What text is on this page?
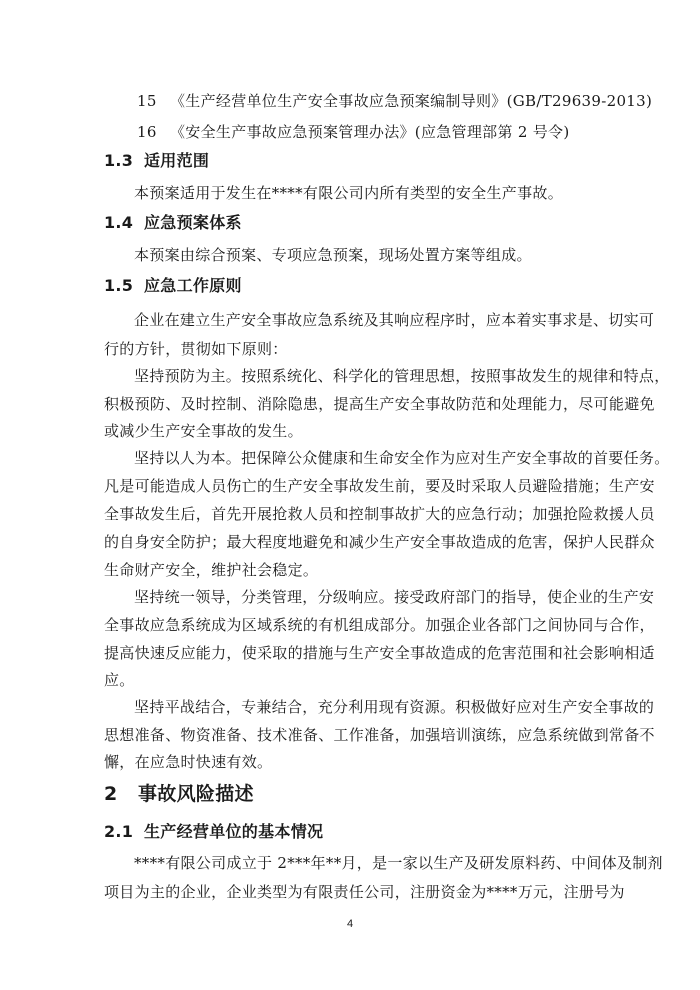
15 《生产经营单位生产安全事故应急预案编制导则》(GB/T29639-2013)
16 《安全生产事故应急预案管理办法》(应急管理部第 2 号令)
1.3 适用范围
本预案适用于发生在****有限公司内所有类型的安全生产事故。
1.4 应急预案体系
本预案由综合预案、专项应急预案，现场处置方案等组成。
1.5 应急工作原则
企业在建立生产安全事故应急系统及其响应程序时，应本着实事求是、切实可
行的方针，贯彻如下原则：
坚持预防为主。按照系统化、科学化的管理思想，按照事故发生的规律和特点，
积极预防、及时控制、消除隐患，提高生产安全事故防范和处理能力，尽可能避免
或减少生产安全事故的发生。
坚持以人为本。把保障公众健康和生命安全作为应对生产安全事故的首要任务。
凡是可能造成人员伤亡的生产安全事故发生前，要及时采取人员避险措施；生产安
全事故发生后，首先开展抢救人员和控制事故扩大的应急行动；加强抢险救援人员
的自身安全防护；最大程度地避免和减少生产安全事故造成的危害，保护人民群众
生命财产安全，维护社会稳定。
坚持统一领导，分类管理，分级响应。接受政府部门的指导，使企业的生产安
全事故应急系统成为区域系统的有机组成部分。加强企业各部门之间协同与合作，
提高快速反应能力，使采取的措施与生产安全事故造成的危害范围和社会影响相适
应。
坚持平战结合，专兼结合，充分利用现有资源。积极做好应对生产安全事故的
思想准备、物资准备、技术准备、工作准备，加强培训演练，应急系统做到常备不
懈，在应急时快速有效。
2 事故风险描述
2.1 生产经营单位的基本情况
****有限公司成立于 2***年**月，是一家以生产及研发原料药、中间体及制剂
项目为主的企业，企业类型为有限责任公司，注册资金为****万元，注册号为
4
